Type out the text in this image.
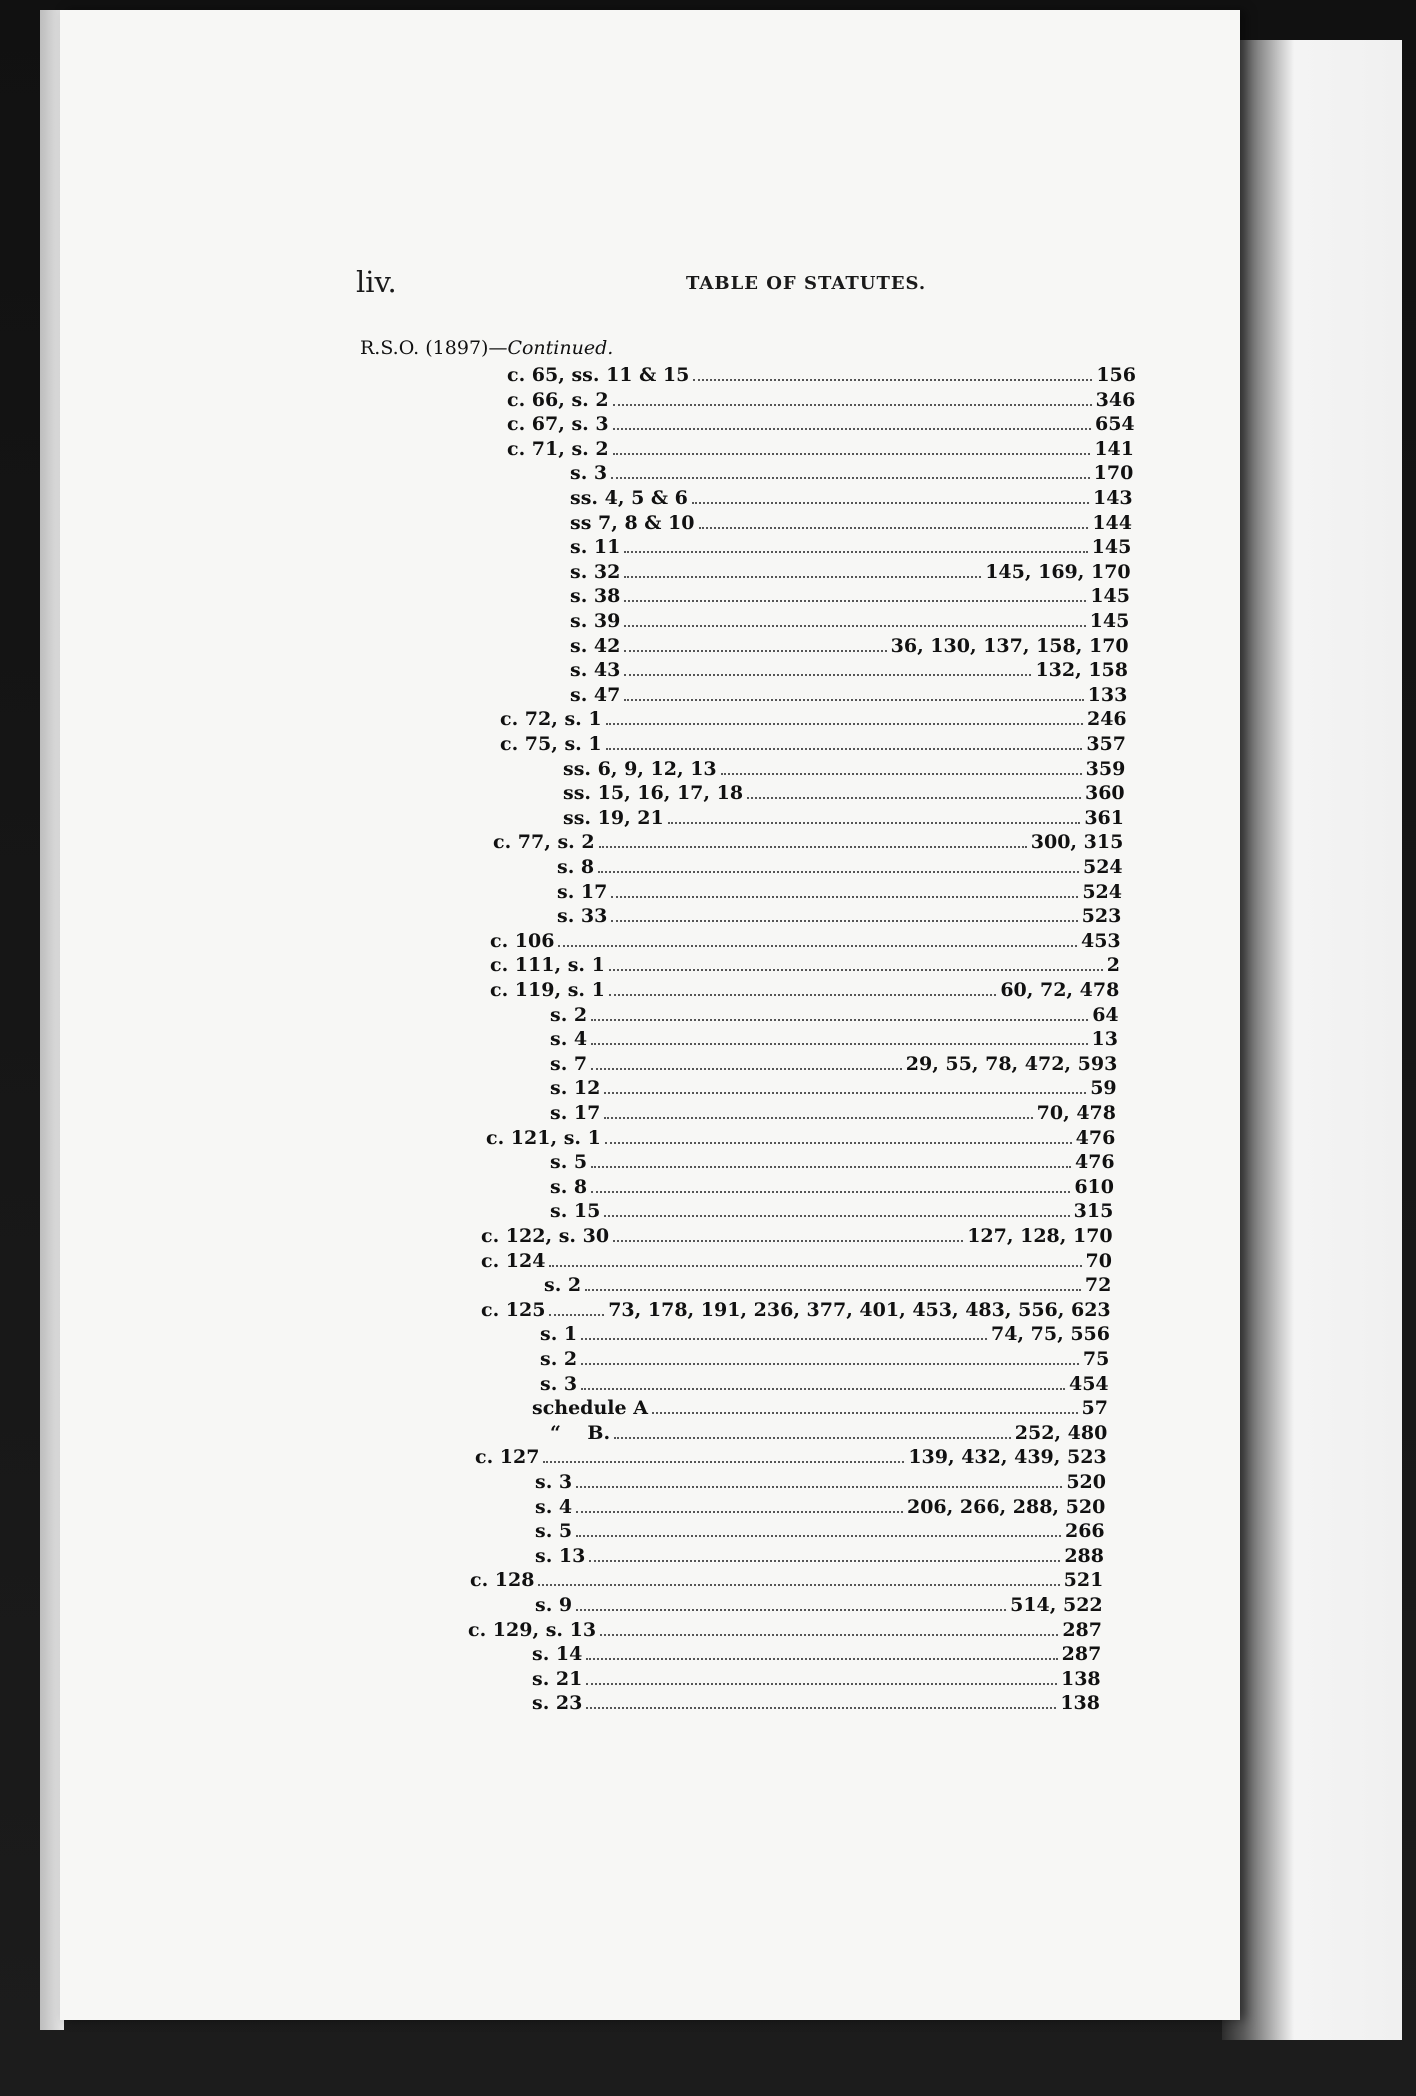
liv.	TABLE OF STATUTES.
R.S.O. (1897)—Continued.
c. 65, ss. 11 & 15	156
c. 66, s. 2	346
c. 67, s. 3	654
c. 71, s. 2	141
s. 3	170
ss. 4, 5 & 6	143
ss 7, 8 & 10	144
s. 11	145
s. 32	145, 169, 170
s. 38	145
s. 39	145
s. 42	36, 130, 137, 158, 170
s. 43	132, 158
s. 47	133
c. 72, s. 1	246
c. 75, s. 1	357
ss. 6, 9, 12, 13	359
ss. 15, 16, 17, 18	360
ss. 19, 21	361
c. 77, s. 2	300, 315
s. 8	524
s. 17	524
s. 33	523
c. 106	453
c. 111, s. 1	2
c. 119, s. 1	60, 72, 478
s. 2	64
s. 4	13
s. 7	29, 55, 78, 472, 593
s. 12	59
s. 17	70, 478
c. 121, s. 1	476
s. 5	476
s. 8	610
s. 15	315
c. 122, s. 30	127, 128, 170
c. 124	70
s. 2	72
c. 125	73, 178, 191, 236, 377, 401, 453, 483, 556, 623
s. 1	74, 75, 556
s. 2	75
s. 3	454
schedule A	57
“    B.	252, 480
c. 127	139, 432, 439, 523
s. 3	520
s. 4	206, 266, 288, 520
s. 5	266
s. 13	288
c. 128	521
s. 9	514, 522
c. 129, s. 13	287
s. 14	287
s. 21	138
s. 23	138
